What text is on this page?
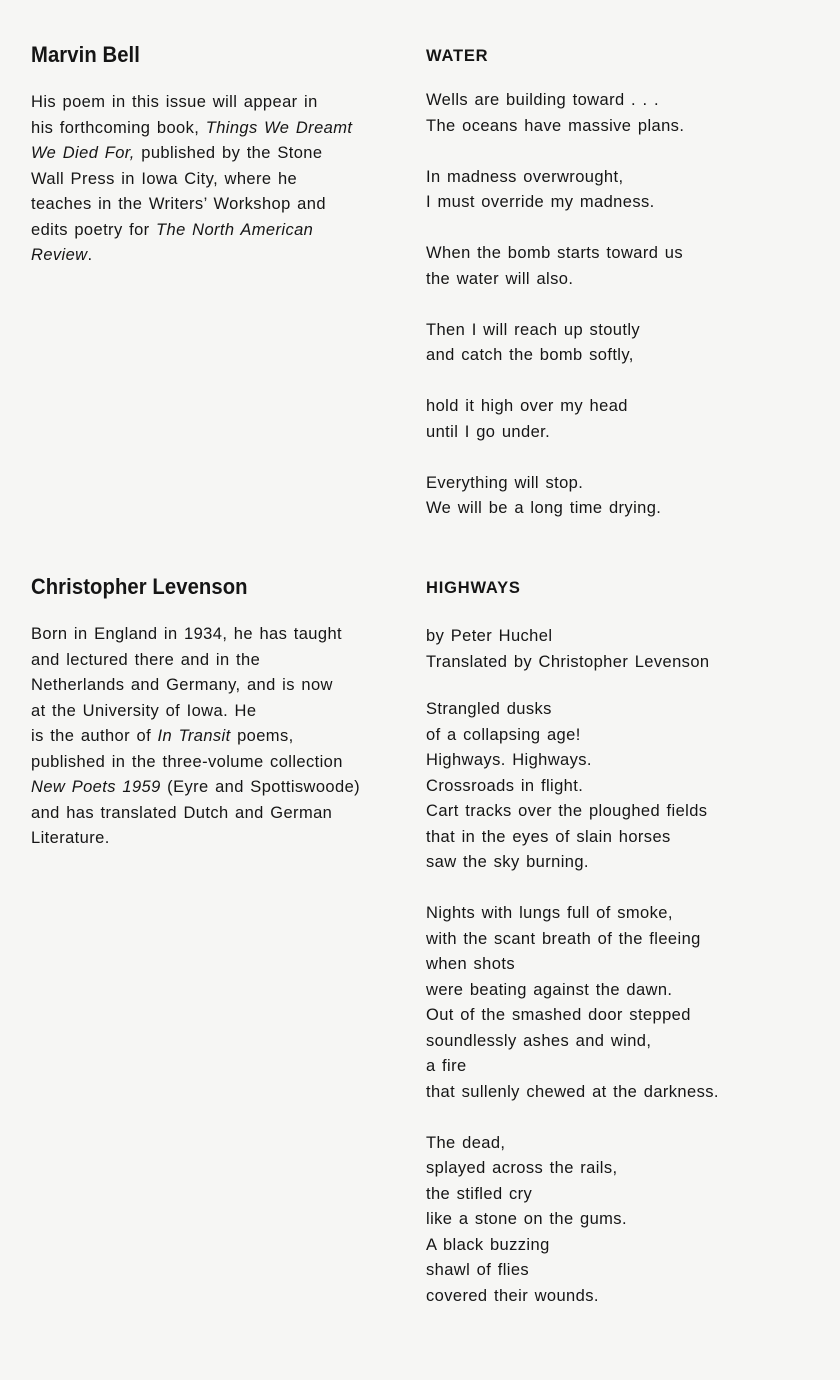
Marvin Bell
His poem in this issue will appear in
his forthcoming book, Things We Dreamt
We Died For, published by the Stone
Wall Press in Iowa City, where he
teaches in the Writers’ Workshop and
edits poetry for The North American
Review.
WATER
Wells are building toward . . .
The oceans have massive plans.
In madness overwrought,
I must override my madness.
When the bomb starts toward us
the water will also.
Then I will reach up stoutly
and catch the bomb softly,
hold it high over my head
until I go under.
Everything will stop.
We will be a long time drying.
Christopher Levenson
Born in England in 1934, he has taught
and lectured there and in the
Netherlands and Germany, and is now
at the University of Iowa. He
is the author of In Transit poems,
published in the three-volume collection
New Poets 1959 (Eyre and Spottiswoode)
and has translated Dutch and German
Literature.
HIGHWAYS
by Peter Huchel
Translated by Christopher Levenson
Strangled dusks
of a collapsing age!
Highways. Highways.
Crossroads in flight.
Cart tracks over the ploughed fields
that in the eyes of slain horses
saw the sky burning.
Nights with lungs full of smoke,
with the scant breath of the fleeing
when shots
were beating against the dawn.
Out of the smashed door stepped
soundlessly ashes and wind,
a fire
that sullenly chewed at the darkness.
The dead,
splayed across the rails,
the stifled cry
like a stone on the gums.
A black buzzing
shawl of flies
covered their wounds.
